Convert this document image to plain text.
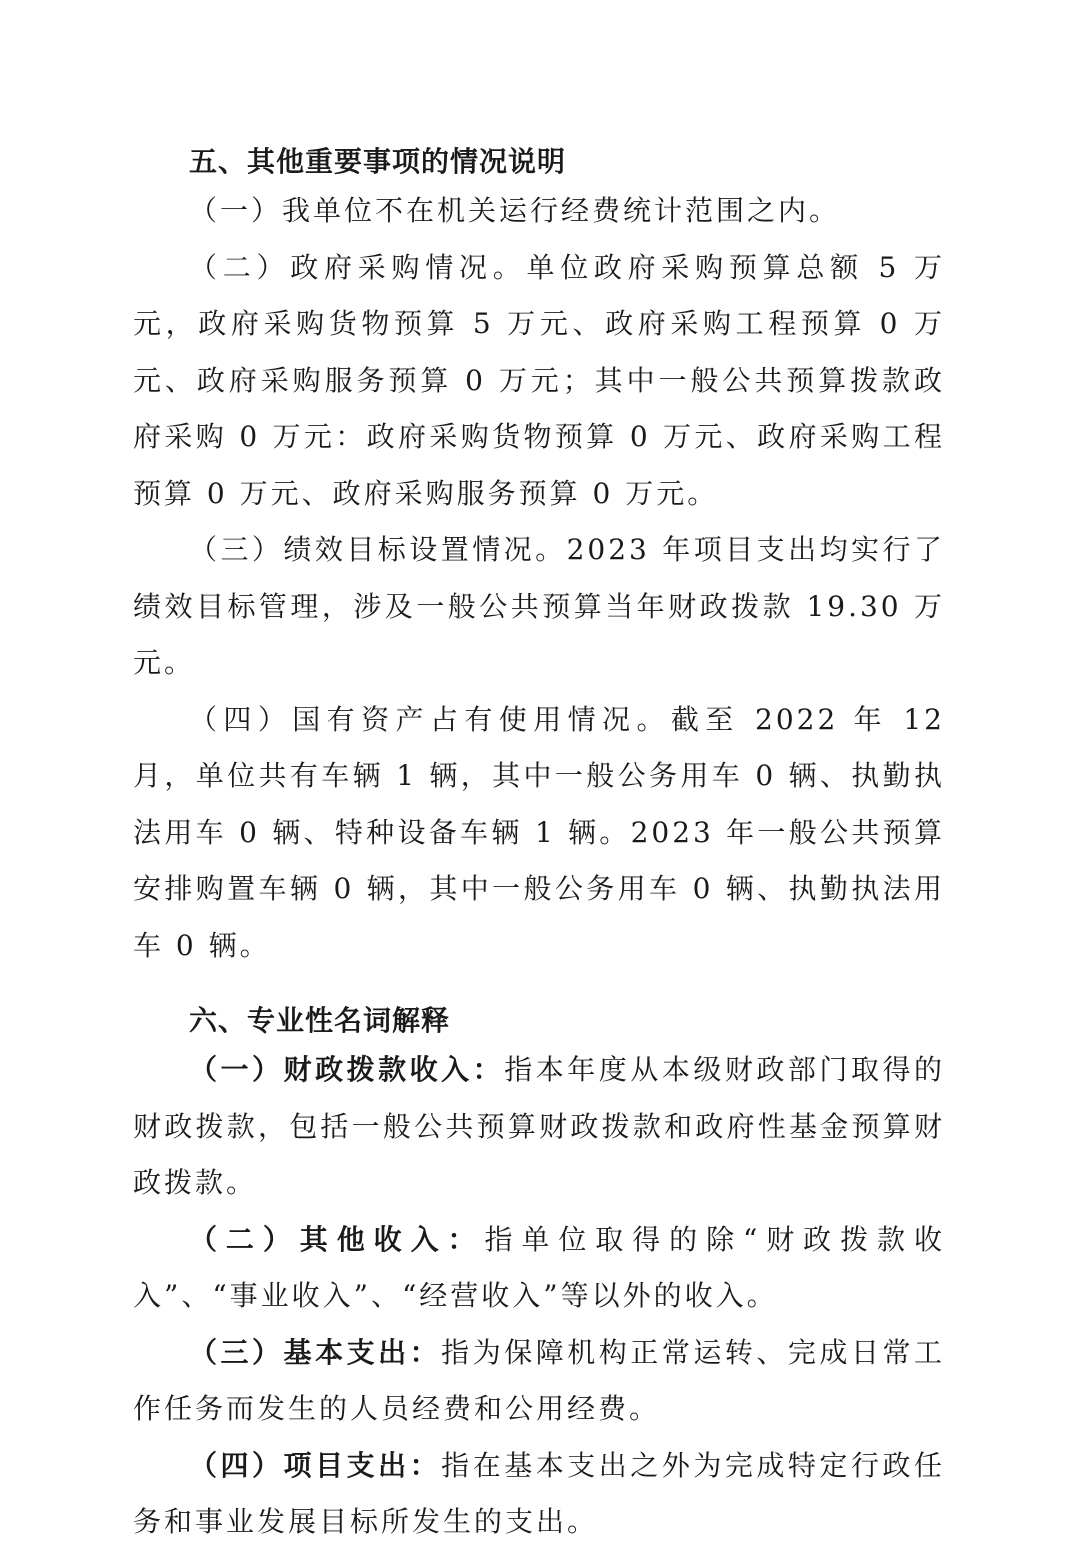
五、其他重要事项的情况说明

（一）我单位不在机关运行经费统计范围之内。

（二）政府采购情况。单位政府采购预算总额 5 万元，政府采购货物预算 5 万元、政府采购工程预算 0 万元、政府采购服务预算 0 万元；其中一般公共预算拨款政府采购 0 万元：政府采购货物预算 0 万元、政府采购工程预算 0 万元、政府采购服务预算 0 万元。

（三）绩效目标设置情况。2023 年项目支出均实行了绩效目标管理，涉及一般公共预算当年财政拨款 19.30 万元。

（四）国有资产占有使用情况。截至 2022 年 12 月，单位共有车辆 1 辆，其中一般公务用车 0 辆、执勤执法用车 0 辆、特种设备车辆 1 辆。2023 年一般公共预算安排购置车辆 0 辆，其中一般公务用车 0 辆、执勤执法用车 0 辆。

六、专业性名词解释

（一）财政拨款收入：指本年度从本级财政部门取得的财政拨款，包括一般公共预算财政拨款和政府性基金预算财政拨款。

（二）其他收入：指单位取得的除“财政拨款收入”、“事业收入”、“经营收入”等以外的收入。

（三）基本支出：指为保障机构正常运转、完成日常工作任务而发生的人员经费和公用经费。

（四）项目支出：指在基本支出之外为完成特定行政任务和事业发展目标所发生的支出。
